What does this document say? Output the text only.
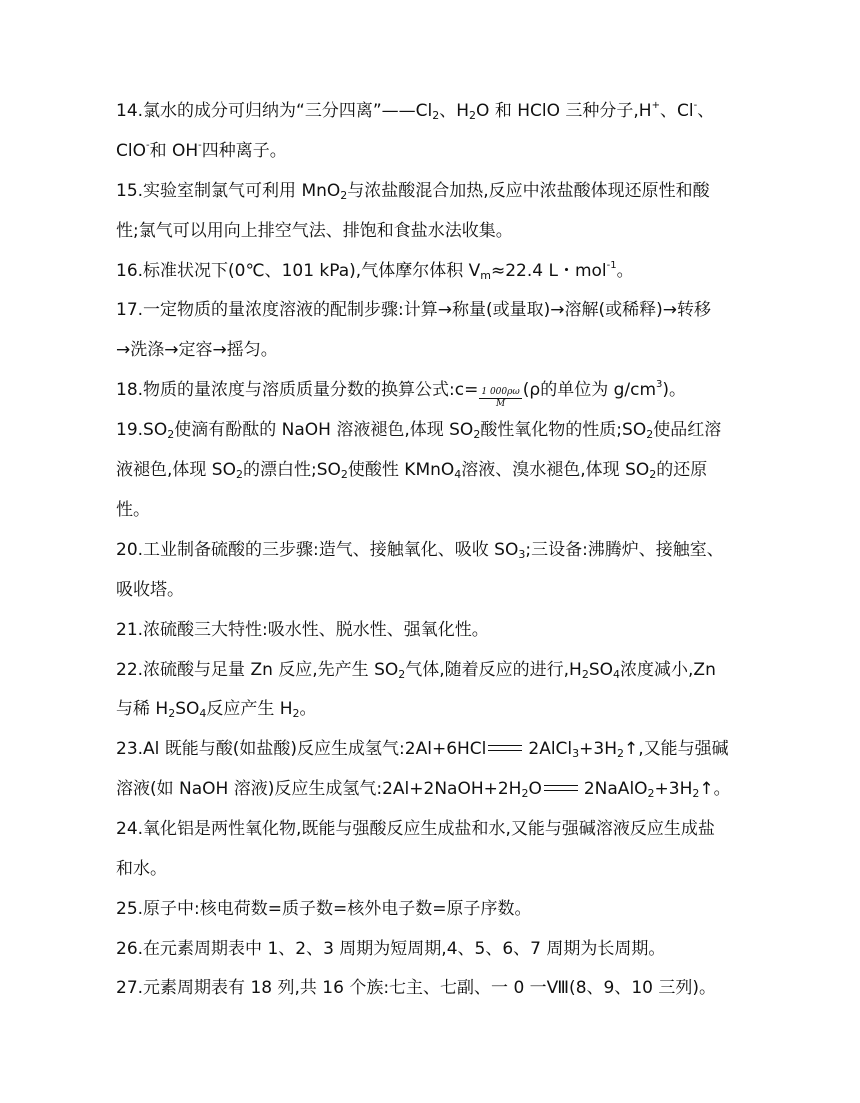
14.氯水的成分可归纳为“三分四离$”——Cl_2$、$H_2O$ 和 HClO 三种分子,H+、Cl-、
ClO-和 OH-四种离子。
15.实验室制氯气可利用 MnO$_2$与浓盐酸混合加热,反应中浓盐酸体现还原性和酸
性;氯气可以用向上排空气法、排饱和食盐水法收集。
16.标准状况下(0℃、101 kPa),气体摩尔体积 $V_m\approx 22.4$ L・mol$^{-1}$。
17.一定物质的量浓度溶液的配制步骤:计算→称量(或量取)→溶解(或稀释)→转移
→洗涤→定容→摇匀。
18.物质的量浓度与溶质质量分数的换算公式:c= $\frac{1 000\rho\omega}{M} (\rho$的单位为 $g/cm^3$)。
$19.SO_2$使滴有酚酞的 NaOH 溶液褪色,体现 $SO_2$酸性氧化物的性质$;SO_2$使品红溶
液褪色,体现 $SO_2$的漂白性$;SO_2$使酸性 KMnO$_4$溶液、溴水褪色,体现 $SO_2$的还原
性。
20.工业制备硫酸的三步骤:造气、接触氧化、吸收 $SO_3$;三设备:沸腾炉、接触室、
吸收塔。
21.浓硫酸三大特性:吸水性、脱水性、强氧化性。
22.浓硫酸与足量 Zn 反应,先产生 $SO_2$气体,随着反应的进行$,H_2SO_4$浓度减小,Zn
与稀 $H_2SO_4$反应产生 $H_2$。
23.Al 既能与酸(如盐酸)反应生成氢气:2Al+6HCl $2AlCl_3+3H_2↑$,又能与强碱
溶液(如 NaOH 溶液)反应生成氢气$:2Al+2NaOH+2H_2O$ $2NaAlO_2+3H_2↑$。
24.氧化铝是两性氧化物,既能与强酸反应生成盐和水,又能与强碱溶液反应生成盐
和水。
25.原子中:核电荷数=质子数=核外电子数=原子序数。
26.在元素周期表中 1、2、3 周期为短周期,4、5、6、7 周期为长周期。
27.元素周期表有 18 列,共 16 个族:七主、七副、一 0 一Ⅷ(8、9、10 三列)。
